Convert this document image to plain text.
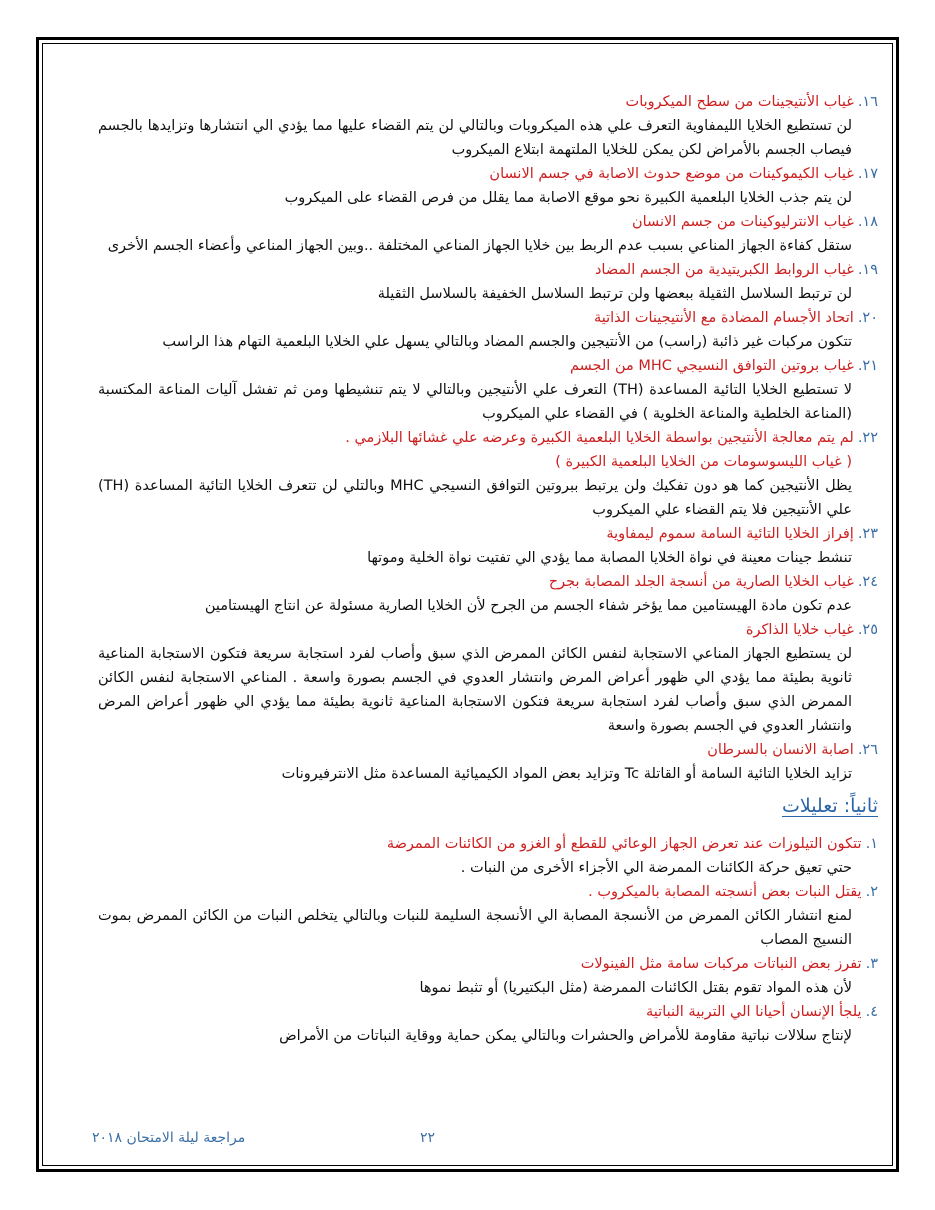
١٦.غياب الأنتيجينات من سطح الميكروبات
لن تستطيع الخلايا الليمفاوية التعرف علي هذه الميكروبات وبالتالي لن يتم القضاء عليها مما يؤدي الي انتشارها وتزايدها بالجسم فيصاب الجسم بالأمراض لكن يمكن للخلايا الملتهمة ابتلاع الميكروب
١٧.غياب الكيموكينات من موضع حدوث الاصابة في جسم الانسان
لن يتم جذب الخلايا البلعمية الكبيرة نحو موقع الاصابة مما يقلل من فرص القضاء على الميكروب
١٨.غياب الانترليوكينات من جسم الانسان
ستقل كفاءة الجهاز المناعي بسبب عدم الربط بين خلايا الجهاز المناعي المختلفة ..وبين الجهاز المناعي وأعضاء الجسم الأخرى
١٩.غياب الروابط الكبريتيدية من الجسم المضاد
لن ترتبط السلاسل الثقيلة ببعضها ولن ترتبط السلاسل الخفيفة بالسلاسل الثقيلة
٢٠.اتحاد الأجسام المضادة مع الأنتيجينات الذاتية
تتكون مركبات غير ذائبة (راسب) من الأنتيجين والجسم المضاد وبالتالي يسهل علي الخلايا البلعمية التهام هذا الراسب
٢١.غياب بروتين التوافق النسيجي MHC من الجسم
لا تستطيع الخلايا التائية المساعدة (TH) التعرف علي الأنتيجين وبالتالي لا يتم تنشيطها ومن ثم تفشل آليات المناعة المكتسبة (المناعة الخلطية والمناعة الخلوية ) في القضاء علي الميكروب
٢٢.لم يتم معالجة الأنتيجين بواسطة الخلايا البلعمية الكبيرة وعرضه علي غشائها البلازمي .
( غياب الليسوسومات من الخلايا البلعمية الكبيرة )
يظل الأنتيجين كما هو دون تفكيك ولن يرتبط ببروتين التوافق النسيجي MHC وبالتلي لن تتعرف الخلايا التائية المساعدة (TH) علي الأنتيجين فلا يتم القضاء علي الميكروب
٢٣.إفراز الخلايا التائية السامة سموم ليمفاوية
تنشط جينات معينة في نواة الخلايا المصابة مما يؤدي الي تفتيت نواة الخلية وموتها
٢٤.غياب الخلايا الصارية من أنسجة الجلد المصابة بجرح
عدم تكون مادة الهيستامين مما يؤخر شفاء الجسم من الجرح لأن الخلايا الصارية مسئولة عن انتاج الهيستامين
٢٥.غياب خلايا الذاكرة
لن يستطيع الجهاز المناعي الاستجابة لنفس الكائن الممرض الذي سبق وأصاب لفرد استجابة سريعة فتكون الاستجابة المناعية ثانوية بطيئة مما يؤدي الي ظهور أعراض المرض وانتشار العدوي في الجسم بصورة واسعة . المناعي الاستجابة لنفس الكائن الممرض الذي سبق وأصاب لفرد استجابة سريعة فتكون الاستجابة المناعية ثانوية بطيئة مما يؤدي الي ظهور أعراض المرض وانتشار العدوي في الجسم بصورة واسعة
٢٦.اصابة الانسان بالسرطان
تزايد الخلايا التائية السامة أو القاتلة Tc وتزايد بعض المواد الكيميائية المساعدة مثل الانترفيرونات
ثانياً: تعليلات
١.تتكون التيلوزات عند تعرض الجهاز الوعائي للقطع أو الغزو من الكائنات الممرضة
حتي تعيق حركة الكائنات الممرضة الي الأجزاء الأخرى من النبات .
٢.يقتل النبات بعض أنسجته المصابة بالميكروب .
لمنع انتشار الكائن الممرض من الأنسجة المصابة الي الأنسجة السليمة للنبات وبالتالي يتخلص النبات من الكائن الممرض بموت النسيج المصاب
٣.تفرز بعض النباتات مركبات سامة مثل الفينولات
لأن هذه المواد تقوم بقتل الكائنات الممرضة (مثل البكتيريا) أو تثبط نموها
٤.يلجأ الإنسان أحيانا الي التربية النباتية
لإنتاج سلالات نباتية مقاومة للأمراض والحشرات وبالتالي يمكن حماية ووقاية النباتات من الأمراض
٢٢
مراجعة ليلة الامتحان ٢٠١٨
